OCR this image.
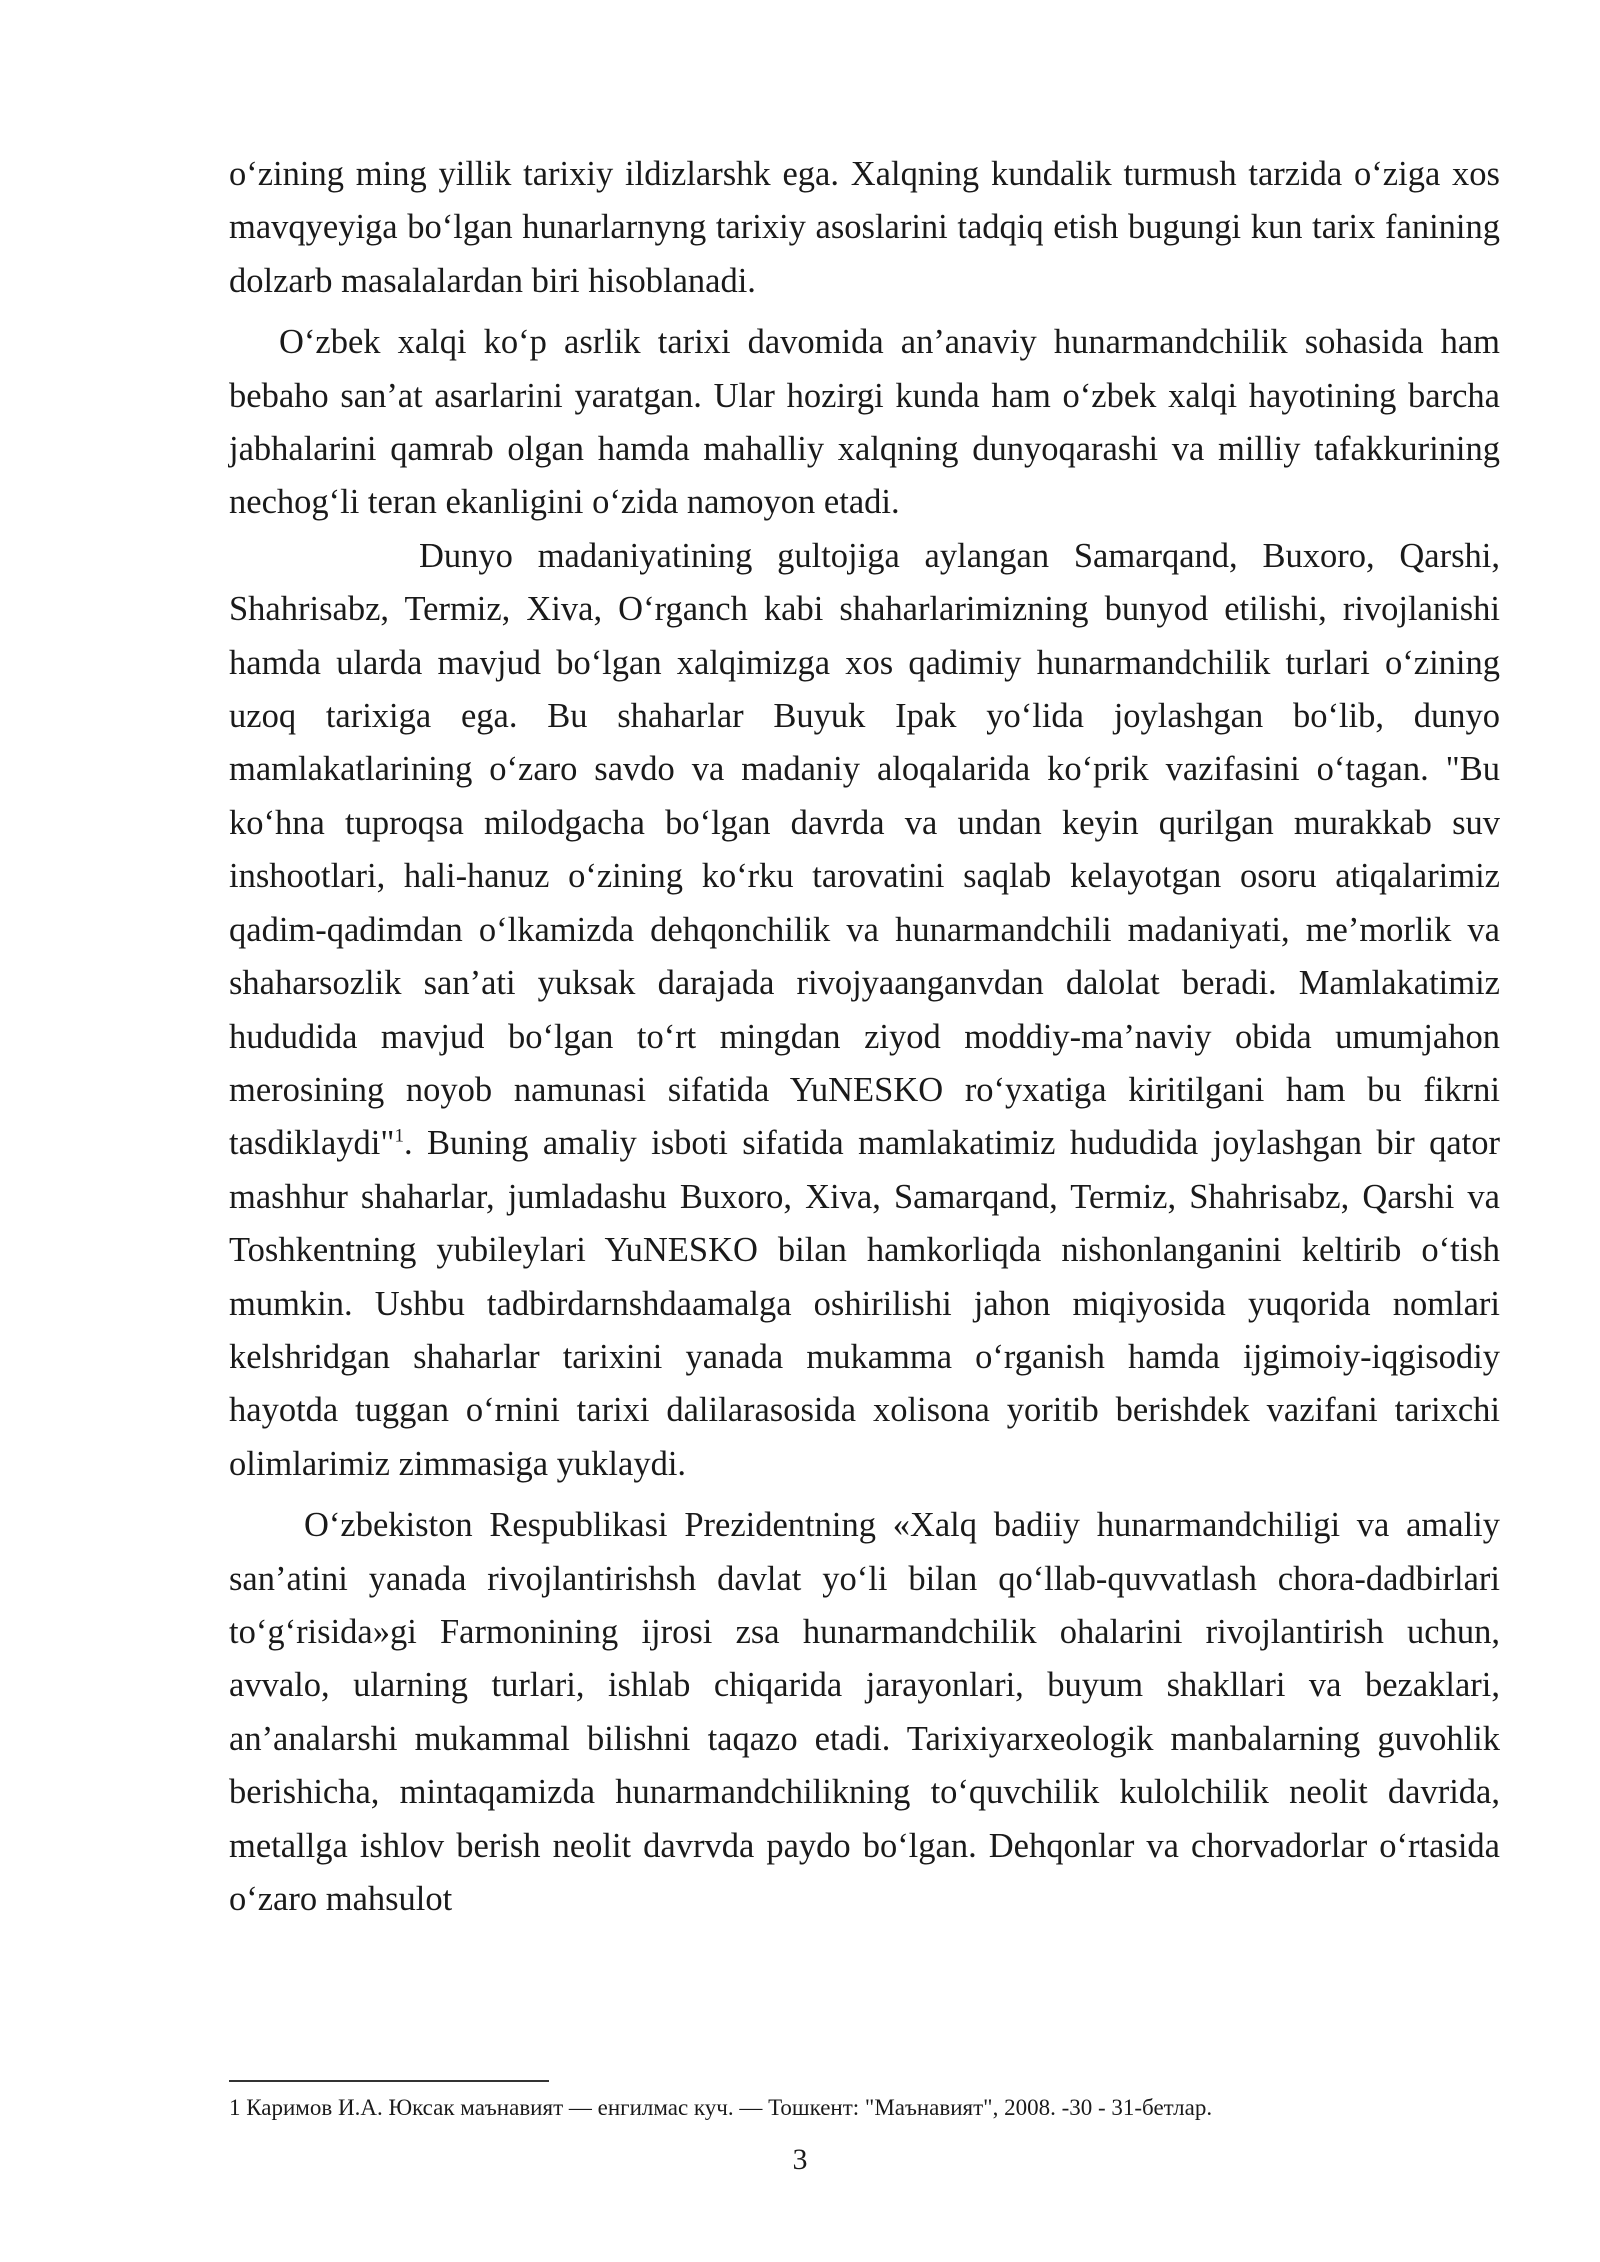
oʻzining ming yillik tarixiy ildizlarshk ega. Xalqning kundalik turmush tarzida oʻziga xos mavqyeyiga boʻlgan hunarlarnyng tarixiy asoslarini tadqiq etish bugungi kun tarix fanining dolzarb masalalardan biri hisoblanadi.

Oʻzbek xalqi koʻp asrlik tarixi davomida an’anaviy hunarmandchilik sohasida ham bebaho san’at asarlarini yaratgan. Ular hozirgi kunda ham oʻzbek xalqi hayotining barcha jabhalarini qamrab olgan hamda mahalliy xalqning dunyoqarashi va milliy tafakkurining nechogʻli teran ekanligini oʻzida namoyon etadi.

Dunyo madaniyatining gultojiga aylangan Samarqand, Buxoro, Qarshi, Shahrisabz, Termiz, Xiva, Oʻrganch kabi shaharlarimizning bunyod etilishi, rivojlanishi hamda ularda mavjud boʻlgan xalqimizga xos qadimiy hunarmandchilik turlari oʻzining uzoq tarixiga ega. Bu shaharlar Buyuk Ipak yoʻlida joylashgan boʻlib, dunyo mamlakatlarining oʻzaro savdo va madaniy aloqalarida koʻprik vazifasini oʻtagan. "Bu koʻhna tuproqsa milodgacha boʻlgan davrda va undan keyin qurilgan murakkab suv inshootlari, hali-hanuz oʻzining koʻrku tarovatini saqlab kelayotgan osoru atiqalarimiz qadim-qadimdan oʻlkamizda dehqonchilik va hunarmandchili madaniyati, me’morlik va shaharsozlik san’ati yuksak darajada rivojyaanganvdan dalolat beradi. Mamlakatimiz hududida mavjud boʻlgan toʻrt mingdan ziyod moddiy-ma’naviy obida umumjahon merosining noyob namunasi sifatida YuNESKO roʻyxatiga kiritilgani ham bu fikrni tasdiklaydi"$^1$. Buning amaliy isboti sifatida mamlakatimiz hududida joylashgan bir qator mashhur shaharlar, jumladashu Buxoro, Xiva, Samarqand, Termiz, Shahrisabz, Qarshi va Toshkentning yubileylari YuNESKO bilan hamkorliqda nishonlanganini keltirib oʻtish mumkin. Ushbu tadbirdarnshdaamalga oshirilishi jahon miqiyosida yuqorida nomlari kelshridgan shaharlar tarixini yanada mukamma oʻrganish hamda ijgimoiy-iqgisodiy hayotda tuggan oʻrnini tarixi dalilarasosida xolisona yoritib berishdek vazifani tarixchi olimlarimiz zimmasiga yuklaydi.

Oʻzbekiston Respublikasi Prezidentning «Xalq badiiy hunarmandchiligi va amaliy san’atini yanada rivojlantirishsh davlat yoʻli bilan qoʻllab-quvvatlash chora-dadbirlari toʻgʻrisida»gi Farmonining ijrosi zsa hunarmandchilik ohalarini rivojlantirish uchun, avvalo, ularning turlari, ishlab chiqarida jarayonlari, buyum shakllari va bezaklari, an’analarshi mukammal bilishni taqazo etadi. Tarixiyarxeologik manbalarning guvohlik berishicha, mintaqamizda hunarmandchilikning toʻquvchilik kulolchilik neolit davrida, metallga ishlov berish neolit davrvda paydo boʻlgan. Dehqonlar va chorvadorlar oʻrtasida oʻzaro mahsulot

1 Каримов И.А. Юксак маънавият — енгилмас куч. — Тошкент: "Маънавият", 2008. -30 - 31-бетлар.
3
